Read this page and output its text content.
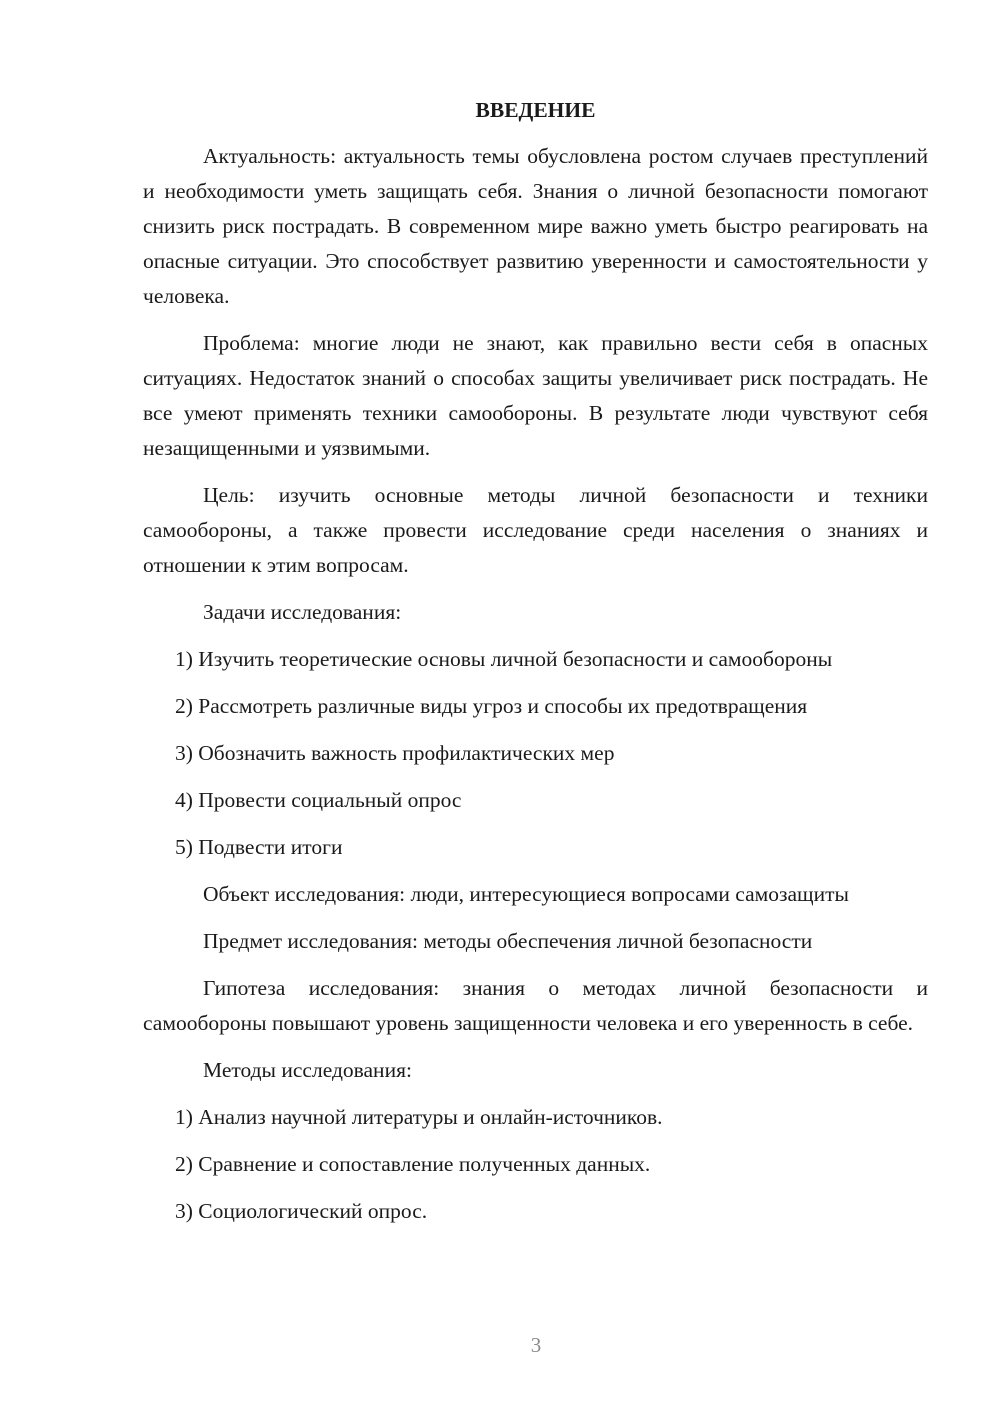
ВВЕДЕНИЕ

Актуальность: актуальность темы обусловлена ростом случаев преступлений и необходимости уметь защищать себя. Знания о личной безопасности помогают снизить риск пострадать. В современном мире важно уметь быстро реагировать на опасные ситуации. Это способствует развитию уверенности и самостоятельности у человека.

Проблема: многие люди не знают, как правильно вести себя в опасных ситуациях. Недостаток знаний о способах защиты увеличивает риск пострадать. Не все умеют применять техники самообороны. В результате люди чувствуют себя незащищенными и уязвимыми.

Цель: изучить основные методы личной безопасности и техники самообороны, а также провести исследование среди населения о знаниях и отношении к этим вопросам.

Задачи исследования:

1) Изучить теоретические основы личной безопасности и самообороны

2) Рассмотреть различные виды угроз и способы их предотвращения

3) Обозначить важность профилактических мер

4) Провести социальный опрос

5) Подвести итоги

Объект исследования: люди, интересующиеся вопросами самозащиты

Предмет исследования: методы обеспечения личной безопасности

Гипотеза исследования: знания о методах личной безопасности и самообороны повышают уровень защищенности человека и его уверенность в себе.

Методы исследования:

1) Анализ научной литературы и онлайн-источников.

2) Сравнение и сопоставление полученных данных.

3) Социологический опрос.

3
